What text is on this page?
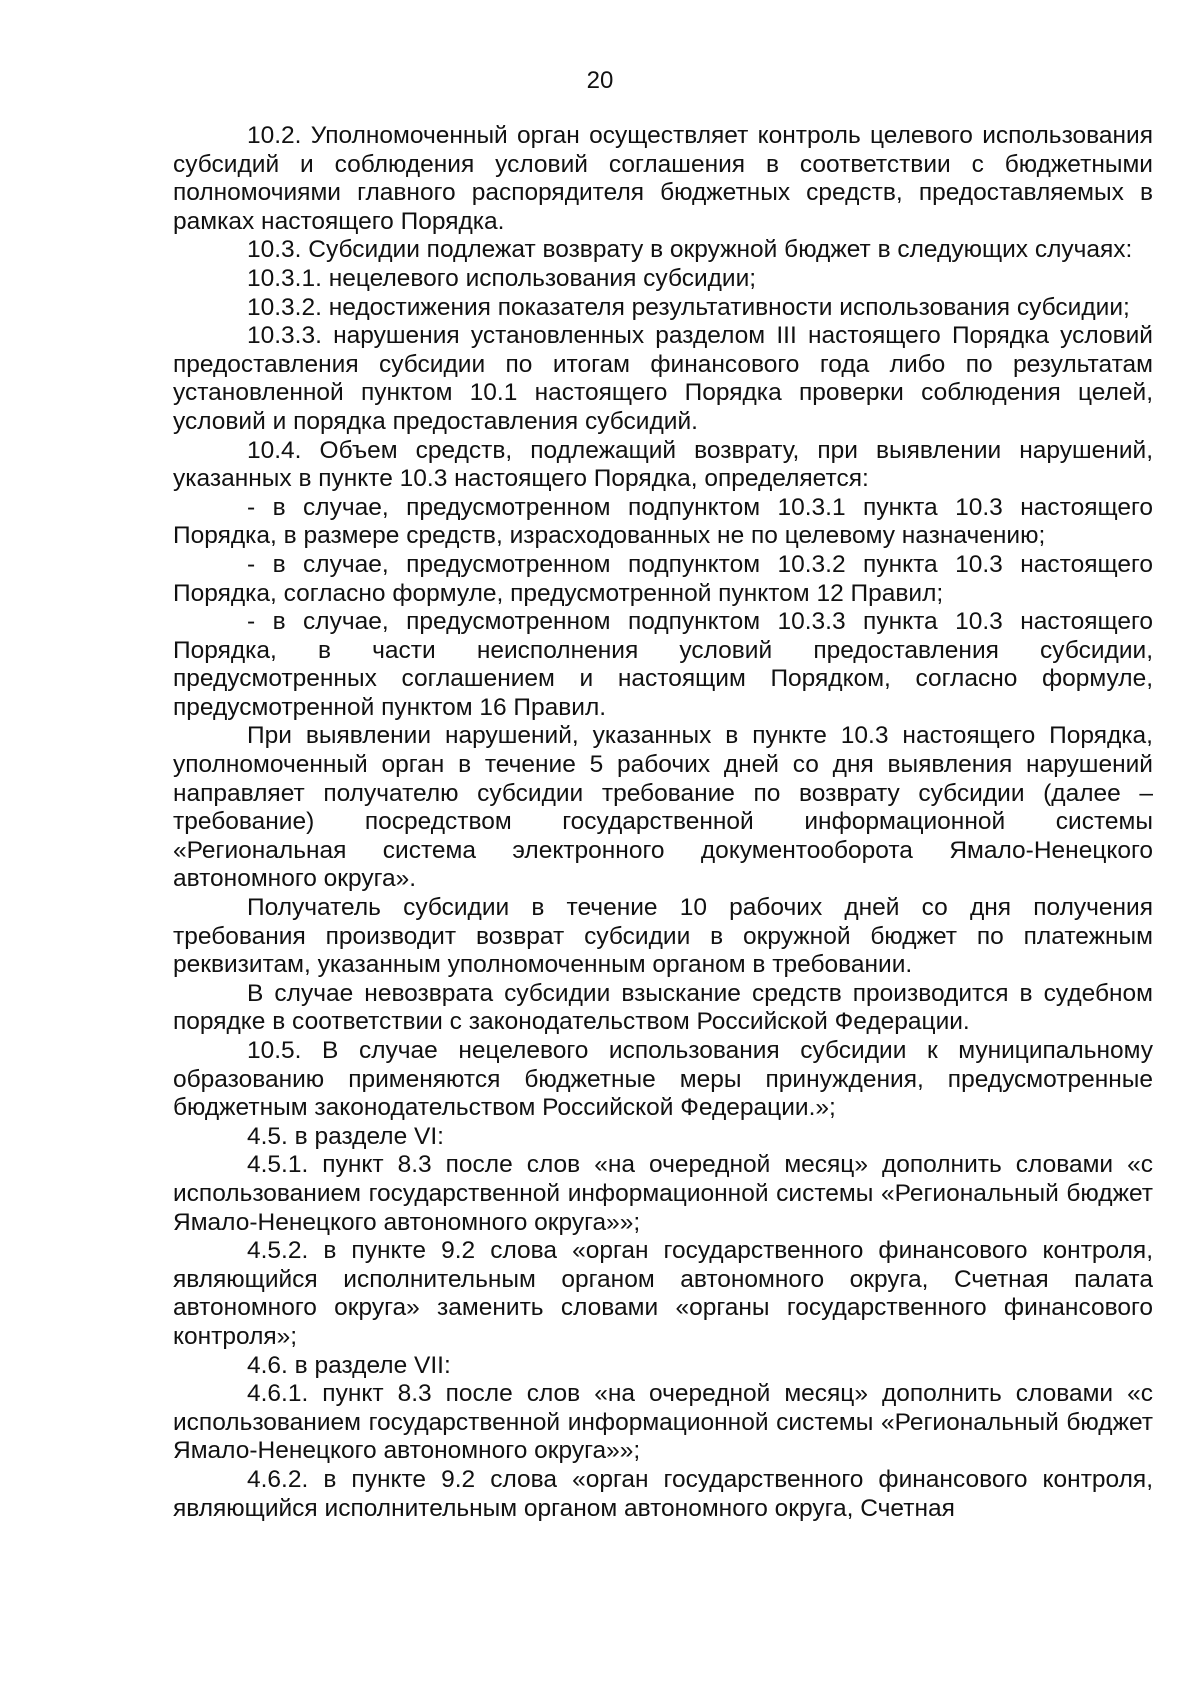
20

10.2. Уполномоченный орган осуществляет контроль целевого использования субсидий и соблюдения условий соглашения в соответствии с бюджетными полномочиями главного распорядителя бюджетных средств, предоставляемых в рамках настоящего Порядка.

10.3. Субсидии подлежат возврату в окружной бюджет в следующих случаях:

10.3.1. нецелевого использования субсидии;

10.3.2. недостижения показателя результативности использования субсидии;

10.3.3. нарушения установленных разделом III настоящего Порядка условий предоставления субсидии по итогам финансового года либо по результатам установленной пунктом 10.1 настоящего Порядка проверки соблюдения целей, условий и порядка предоставления субсидий.

10.4. Объем средств, подлежащий возврату, при выявлении нарушений, указанных в пункте 10.3 настоящего Порядка, определяется:

- в случае, предусмотренном подпунктом 10.3.1 пункта 10.3 настоящего Порядка, в размере средств, израсходованных не по целевому назначению;

- в случае, предусмотренном подпунктом 10.3.2 пункта 10.3 настоящего Порядка, согласно формуле, предусмотренной пунктом 12 Правил;

- в случае, предусмотренном подпунктом 10.3.3 пункта 10.3 настоящего Порядка, в части неисполнения условий предоставления субсидии, предусмотренных соглашением и настоящим Порядком, согласно формуле, предусмотренной пунктом 16 Правил.

При выявлении нарушений, указанных в пункте 10.3 настоящего Порядка, уполномоченный орган в течение 5 рабочих дней со дня выявления нарушений направляет получателю субсидии требование по возврату субсидии (далее – требование) посредством государственной информационной системы «Региональная система электронного документооборота Ямало-Ненецкого автономного округа».

Получатель субсидии в течение 10 рабочих дней со дня получения требования производит возврат субсидии в окружной бюджет по платежным реквизитам, указанным уполномоченным органом в требовании.

В случае невозврата субсидии взыскание средств производится в судебном порядке в соответствии с законодательством Российской Федерации.

10.5. В случае нецелевого использования субсидии к муниципальному образованию применяются бюджетные меры принуждения, предусмотренные бюджетным законодательством Российской Федерации.»;

4.5. в разделе VI:

4.5.1. пункт 8.3 после слов «на очередной месяц» дополнить словами «с использованием государственной информационной системы «Региональный бюджет Ямало-Ненецкого автономного округа»»;

4.5.2. в пункте 9.2 слова «орган государственного финансового контроля, являющийся исполнительным органом автономного округа, Счетная палата автономного округа» заменить словами «органы государственного финансового контроля»;

4.6. в разделе VII:

4.6.1. пункт 8.3 после слов «на очередной месяц» дополнить словами «с использованием государственной информационной системы «Региональный бюджет Ямало-Ненецкого автономного округа»»;

4.6.2. в пункте 9.2 слова «орган государственного финансового контроля, являющийся исполнительным органом автономного округа, Счетная
